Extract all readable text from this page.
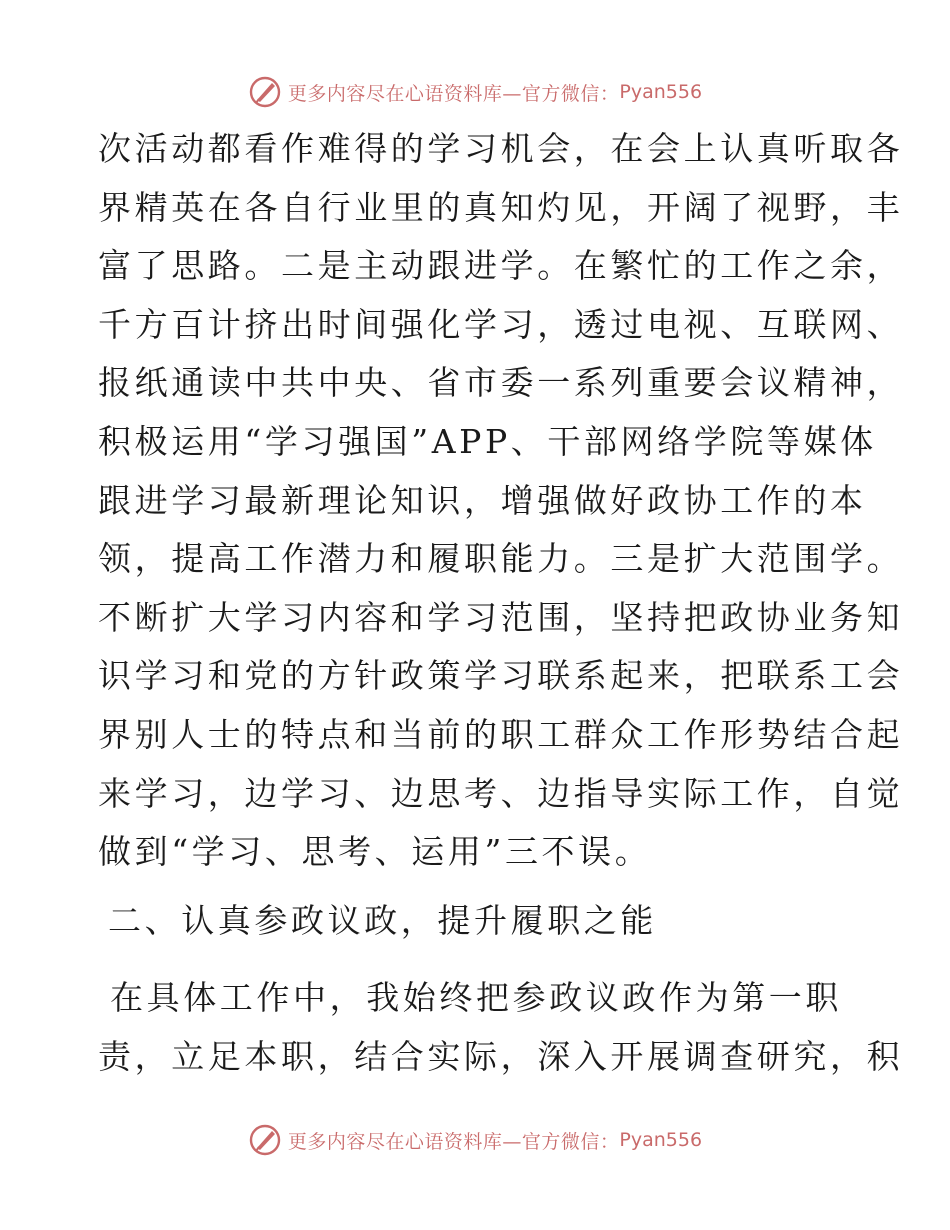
更多内容尽在心语资料库—官方微信： Pyan556
次活动都看作难得的学习机会，在会上认真听取各
界精英在各自行业里的真知灼见，开阔了视野，丰
富了思路。二是主动跟进学。在繁忙的工作之余，
千方百计挤出时间强化学习，透过电视、互联网、
报纸通读中共中央、省市委一系列重要会议精神，
积极运用“学习强国”APP、干部网络学院等媒体
跟进学习最新理论知识，增强做好政协工作的本
领，提高工作潜力和履职能力。三是扩大范围学。
不断扩大学习内容和学习范围，坚持把政协业务知
识学习和党的方针政策学习联系起来，把联系工会
界别人士的特点和当前的职工群众工作形势结合起
来学习，边学习、边思考、边指导实际工作，自觉
做到“学习、思考、运用”三不误。
二、认真参政议政，提升履职之能
在具体工作中，我始终把参政议政作为第一职
责，立足本职，结合实际，深入开展调查研究，积
更多内容尽在心语资料库—官方微信： Pyan556
